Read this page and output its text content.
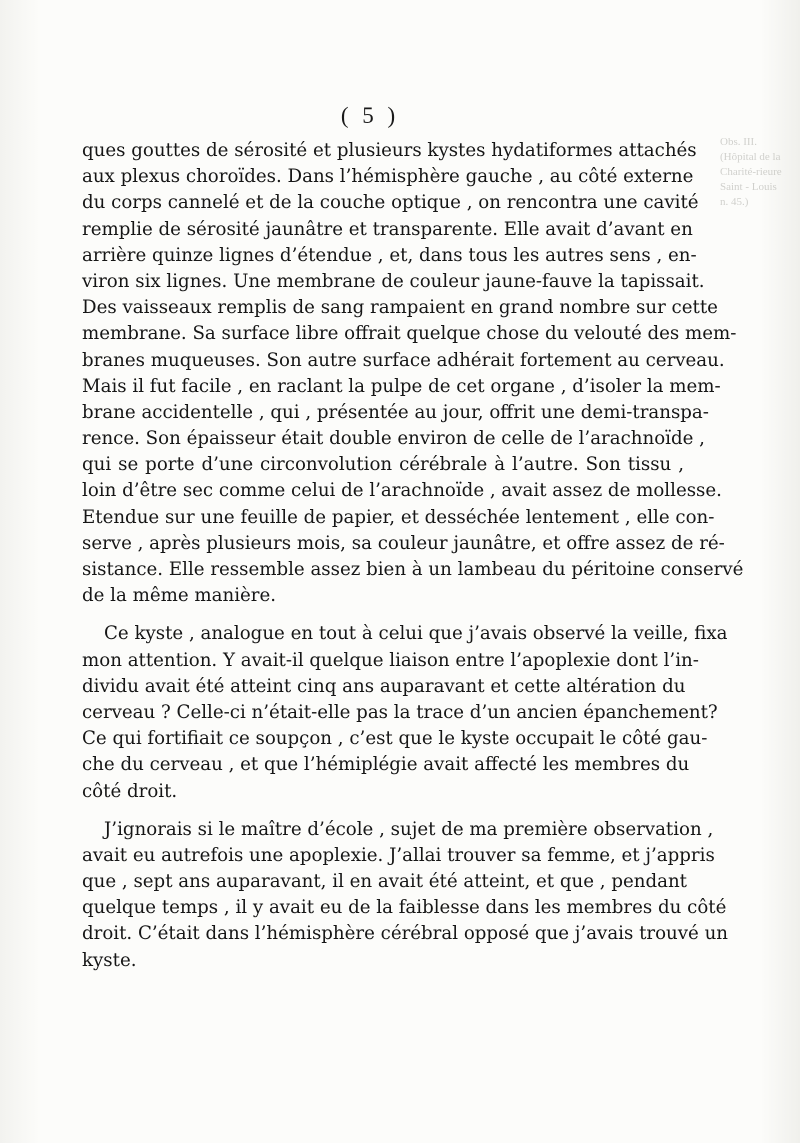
Obs. III.
(Hôpital de la
Charité-rieure
Saint - Louis
n. 45.)
( 5 )
ques gouttes de sérosité et plusieurs kystes hydatiformes attachés
aux plexus choroïdes. Dans l’hémisphère gauche , au côté externe
du corps cannelé et de la couche optique , on rencontra une cavité
remplie de sérosité jaunâtre et transparente. Elle avait d’avant en
arrière quinze lignes d’étendue , et, dans tous les autres sens , en-
viron six lignes. Une membrane de couleur jaune-fauve la tapissait.
Des vaisseaux remplis de sang rampaient en grand nombre sur cette
membrane. Sa surface libre offrait quelque chose du velouté des mem-
branes muqueuses. Son autre surface adhérait fortement au cerveau.
Mais il fut facile , en raclant la pulpe de cet organe , d’isoler la mem-
brane accidentelle , qui , présentée au jour, offrit une demi-transpa-
rence. Son épaisseur était double environ de celle de l’arachnoïde ,
qui se porte d’une circonvolution cérébrale à l’autre. Son tissu ,
loin d’être sec comme celui de l’arachnoïde , avait assez de mollesse.
Etendue sur une feuille de papier, et desséchée lentement , elle con-
serve , après plusieurs mois, sa couleur jaunâtre, et offre assez de ré-
sistance. Elle ressemble assez bien à un lambeau du péritoine conservé
de la même manière.
Ce kyste , analogue en tout à celui que j’avais observé la veille, fixa
mon attention. Y avait-il quelque liaison entre l’apoplexie dont l’in-
dividu avait été atteint cinq ans auparavant et cette altération du
cerveau ? Celle-ci n’était-elle pas la trace d’un ancien épanchement?
Ce qui fortifiait ce soupçon , c’est que le kyste occupait le côté gau-
che du cerveau , et que l’hémiplégie avait affecté les membres du
côté droit.
J’ignorais si le maître d’école , sujet de ma première observation ,
avait eu autrefois une apoplexie. J’allai trouver sa femme, et j’appris
que , sept ans auparavant, il en avait été atteint, et que , pendant
quelque temps , il y avait eu de la faiblesse dans les membres du côté
droit. C’était dans l’hémisphère cérébral opposé que j’avais trouvé un
kyste.
